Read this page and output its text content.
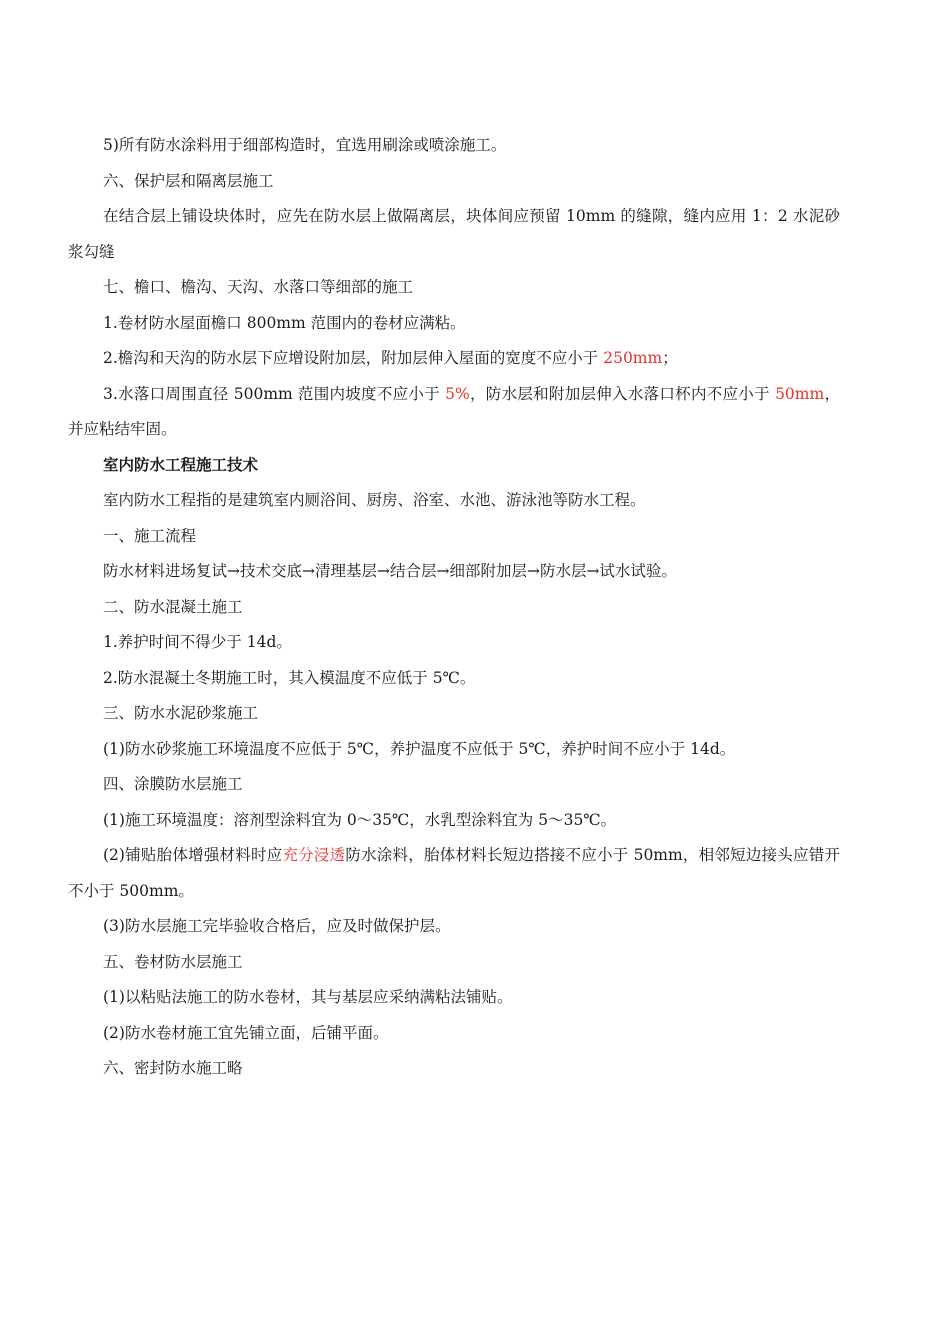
5)所有防水涂料用于细部构造时，宜选用刷涂或喷涂施工。

六、保护层和隔离层施工

在结合层上铺设块体时，应先在防水层上做隔离层，块体间应预留 10mm 的缝隙，缝内应用 1：2 水泥砂浆勾缝

七、檐口、檐沟、天沟、水落口等细部的施工

1.卷材防水屋面檐口 800mm 范围内的卷材应满粘。

2.檐沟和天沟的防水层下应增设附加层，附加层伸入屋面的宽度不应小于 250mm；

3.水落口周围直径 500mm 范围内坡度不应小于 5%，防水层和附加层伸入水落口杯内不应小于 50mm，并应粘结牢固。

室内防水工程施工技术

室内防水工程指的是建筑室内厕浴间、厨房、浴室、水池、游泳池等防水工程。

一、施工流程

防水材料进场复试→技术交底→清理基层→结合层→细部附加层→防水层→试水试验。

二、防水混凝土施工

1.养护时间不得少于 14d。

2.防水混凝土冬期施工时，其入模温度不应低于 5℃。

三、防水水泥砂浆施工

(1)防水砂浆施工环境温度不应低于 5℃，养护温度不应低于 5℃，养护时间不应小于 14d。

四、涂膜防水层施工

(1)施工环境温度：溶剂型涂料宜为 0～35℃，水乳型涂料宜为 5～35℃。

(2)铺贴胎体增强材料时应充分浸透防水涂料，胎体材料长短边搭接不应小于 50mm，相邻短边接头应错开不小于 500mm。

(3)防水层施工完毕验收合格后，应及时做保护层。

五、卷材防水层施工

(1)以粘贴法施工的防水卷材，其与基层应采纳满粘法铺贴。

(2)防水卷材施工宜先铺立面，后铺平面。

六、密封防水施工略
